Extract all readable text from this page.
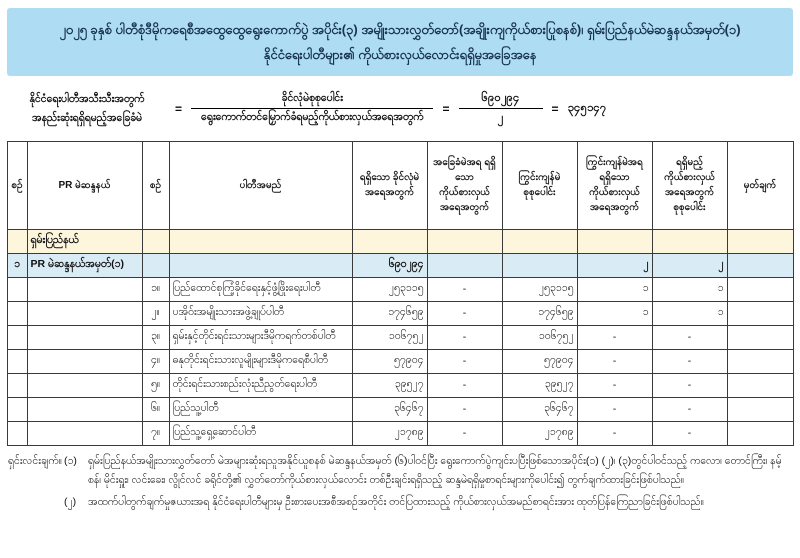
၂၀၂၅ ခုနှစ် ပါတီစုံဒီမိုကရေစီအထွေထွေရွေးကောက်ပွဲ အပိုင်း(၃) အမျိုးသားလွှတ်တော်(အချိုးကျကိုယ်စားပြုစနစ်)၊ ရှမ်းပြည်နယ်မဲဆန္ဒနယ်အမှတ်(၁)
နိုင်ငံရေးပါတီများ၏ ကိုယ်စားလှယ်လောင်းရရှိမှုအခြေအနေ
နိုင်ငံရေးပါတီအသီးသီးအတွက်
အနည်းဆုံးရရှိရမည့်အခြေခံမဲ
= $\frac{\text{ခိုင်လုံမဲစုစုပေါင်း}}{\text{ရွေးကောက်တင်မြှောက်ခံရမည့်ကိုယ်စားလှယ်အရေအတွက်}} = \frac{၆၉၀၂၉၄}{၂}$ = ၃၄၅၁၄၇
စဉ်	PR မဲဆန္ဒနယ်	စဉ်	ပါတီအမည်	ရရှိသော ခိုင်လုံမဲ အရေအတွက်	အခြေခံမဲအရ ရရှိသော ကိုယ်စားလှယ် အရေအတွက်	ကြွင်းကျန်မဲ စုစုပေါင်း	ကြွင်းကျန်မဲအရ ရရှိသော ကိုယ်စားလှယ် အရေအတွက်	ရရှိမည့် ကိုယ်စားလှယ် အရေအတွက် စုစုပေါင်း	မှတ်ချက်
	ရှမ်းပြည်နယ်								
၁	PR မဲဆန္ဒနယ်အမှတ်(၁)			၆၉၀၂၉၄			၂	၂	
		၁။	ပြည်ထောင်စုကြံ့ခိုင်ရေးနှင့်ဖွံ့ဖြိုးရေးပါတီ	၂၅၃၁၁၅	-	၂၅၃၁၁၅	၁	၁	
		၂။	ပအိုဝ်းအမျိုးသားအဖွဲ့ချုပ်ပါတီ	၁၇၄၆၅၉	-	၁၇၄၆၅၉	၁	၁	
		၃။	ရှမ်းနှင့်တိုင်းရင်းသားများဒီမိုကရက်တစ်ပါတီ	၁၀၆၇၅၂	-	၁၀၆၇၅၂	-	-	
		၄။	ဓနုတိုင်းရင်းသားလူမျိုးများဒီမိုကရေစီပါတီ	၅၇၉၀၄	-	၅၇၉၀၄	-	-	
		၅။	တိုင်းရင်းသားစည်းလုံးညီညွတ်ရေးပါတီ	၃၉၅၂၇	-	၃၉၅၂၇	-	-	
		၆။	ပြည်သူ့ပါတီ	၃၆၄၆၇	-	၃၆၄၆၇	-	-	
		၇။	ပြည်သူ့ရှေ့ဆောင်ပါတီ	၂၁၇၈၉	-	၂၁၇၈၉	-	-	
ရှင်းလင်းချက်။ (၁)	ရှမ်းပြည်နယ်အမျိုးသားလွှတ်တော် မဲအများဆုံးရသူအနိုင်ယူစနစ် မဲဆန္ဒနယ်အမှတ် (၆)ပါဝင်ပြီး ရွေးကောက်ပွဲကျင်းပပြီးဖြစ်သောအပိုင်း(၁) (၂)၊ (၃)တွင်ပါဝင်သည့် ကလော၊ တောင်ကြီး၊ နမ့်စန်၊ မိုင်းရှူး၊ လင်းခေး၊ လွိုင်လင် ခရိုင်တို့၏ လွှတ်တော်ကိုယ်စားလှယ်လောင်း တစ်ဦးချင်းရရှိသည့် ဆန္ဒမဲရရှိမှုစာရင်းများကိုပေါင်း၍ တွက်ချက်ထားခြင်းဖြစ်ပါသည်။
(၂)	အထက်ပါတွက်ချက်မှုဇယားအရ နိုင်ငံရေးပါတီများမှ ဦးစားပေးအစီအစဉ်အတိုင်း တင်ပြထားသည့် ကိုယ်စားလှယ်အမည်စာရင်းအား ထုတ်ပြန်ကြေညာခြင်းဖြစ်ပါသည်။
